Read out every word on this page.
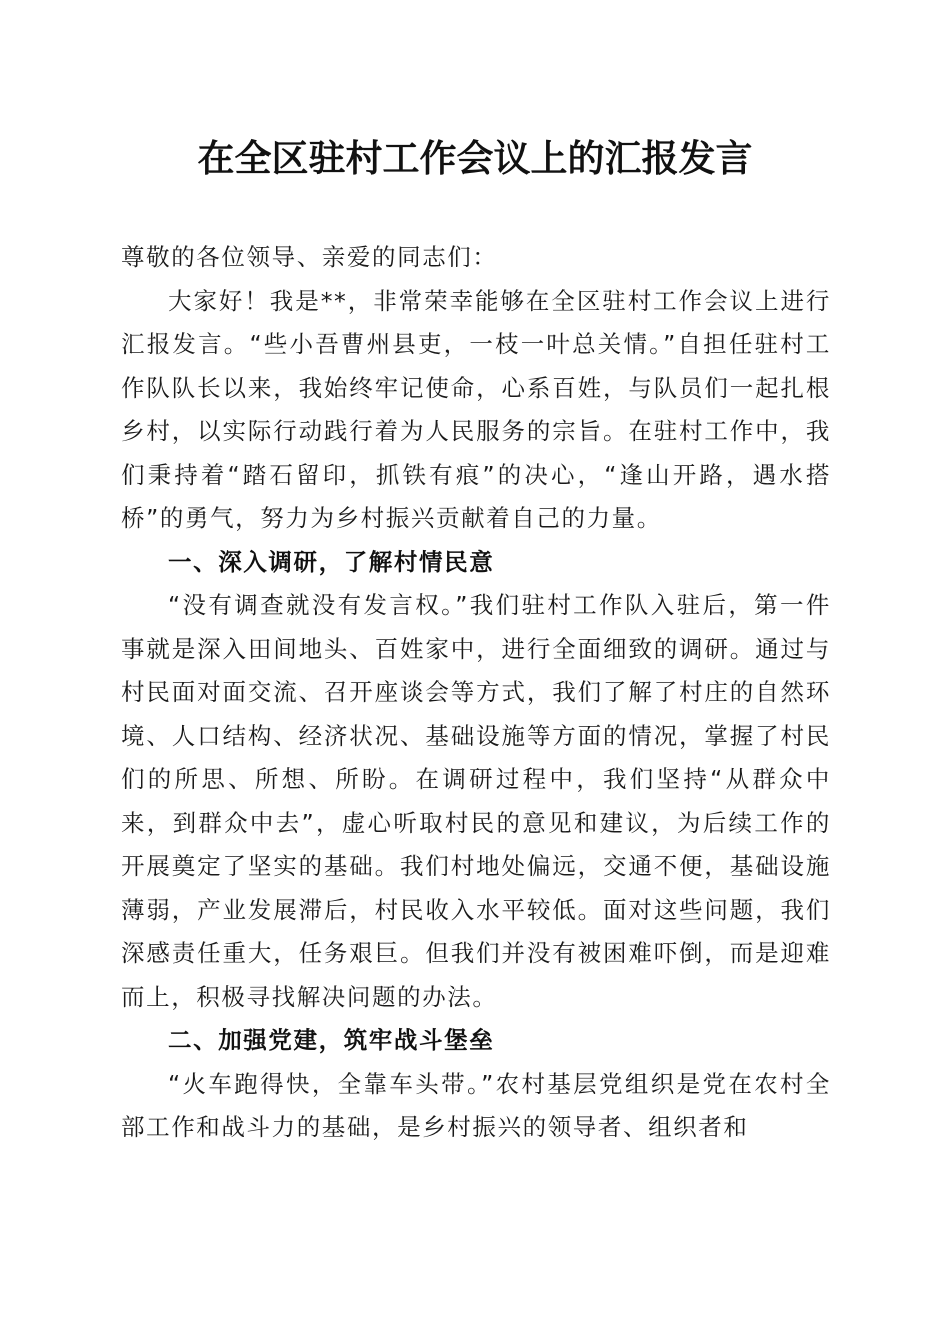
在全区驻村工作会议上的汇报发言

尊敬的各位领导、亲爱的同志们：

大家好！我是**，非常荣幸能够在全区驻村工作会议上进行汇报发言。“些小吾曹州县吏，一枝一叶总关情。”自担任驻村工作队队长以来，我始终牢记使命，心系百姓，与队员们一起扎根乡村，以实际行动践行着为人民服务的宗旨。在驻村工作中，我们秉持着“踏石留印，抓铁有痕”的决心，“逢山开路，遇水搭桥”的勇气，努力为乡村振兴贡献着自己的力量。

一、深入调研，了解村情民意

“没有调查就没有发言权。”我们驻村工作队入驻后，第一件事就是深入田间地头、百姓家中，进行全面细致的调研。通过与村民面对面交流、召开座谈会等方式，我们了解了村庄的自然环境、人口结构、经济状况、基础设施等方面的情况，掌握了村民们的所思、所想、所盼。在调研过程中，我们坚持“从群众中来，到群众中去”，虚心听取村民的意见和建议，为后续工作的开展奠定了坚实的基础。我们村地处偏远，交通不便，基础设施薄弱，产业发展滞后，村民收入水平较低。面对这些问题，我们深感责任重大，任务艰巨。但我们并没有被困难吓倒，而是迎难而上，积极寻找解决问题的办法。

二、加强党建，筑牢战斗堡垒

“火车跑得快，全靠车头带。”农村基层党组织是党在农村全部工作和战斗力的基础，是乡村振兴的领导者、组织者和
